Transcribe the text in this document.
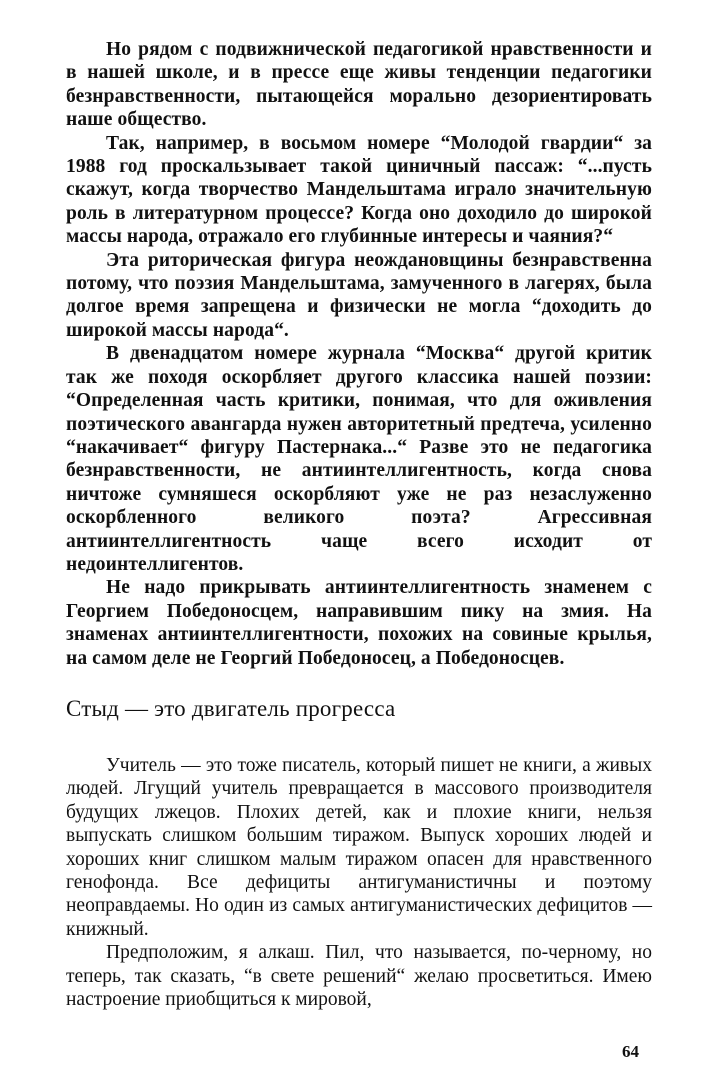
Но рядом с подвижнической педагогикой нравственности и в нашей школе, и в прессе еще живы тенденции педагогики безнравственности, пытающейся морально дезориентировать наше общество.

Так, например, в восьмом номере “Молодой гвардии“ за 1988 год проскальзывает такой циничный пассаж: “...пусть скажут, когда творчество Мандельштама играло значительную роль в литературном процессе? Когда оно доходило до широкой массы народа, отражало его глубинные интересы и чаяния?“

Эта риторическая фигура неождановщины безнравственна потому, что поэзия Мандельштама, замученного в лагерях, была долгое время запрещена и физически не могла “доходить до широкой массы народа“.

В двенадцатом номере журнала “Москва“ другой критик так же походя оскорбляет другого классика нашей поэзии: “Определенная часть критики, понимая, что для оживления поэтического авангарда нужен авторитетный предтеча, усиленно “накачивает“ фигуру Пастернака...“ Разве это не педагогика безнравственности, не антиинтеллигентность, когда снова ничтоже сумняшеся оскорбляют уже не раз незаслуженно оскорбленного великого поэта? Агрессивная антиинтеллигентность чаще всего исходит от недоинтеллигентов.

Не надо прикрывать антиинтеллигентность знаменем с Георгием Победоносцем, направившим пику на змия. На знаменах антиинтеллигентности, похожих на совиные крылья, на самом деле не Георгий Победоносец, а Победоносцев.

Стыд — это двигатель прогресса

Учитель — это тоже писатель, который пишет не книги, а живых людей. Лгущий учитель превращается в массового производителя будущих лжецов. Плохих детей, как и плохие книги, нельзя выпускать слишком большим тиражом. Выпуск хороших людей и хороших книг слишком малым тиражом опасен для нравственного генофонда. Все дефициты антигуманистичны и поэтому неоправдаемы. Но один из самых антигуманистических дефицитов — книжный.

Предположим, я алкаш. Пил, что называется, по-черному, но теперь, так сказать, “в свете решений“ желаю просветиться. Имею настроение приобщиться к мировой,

64
